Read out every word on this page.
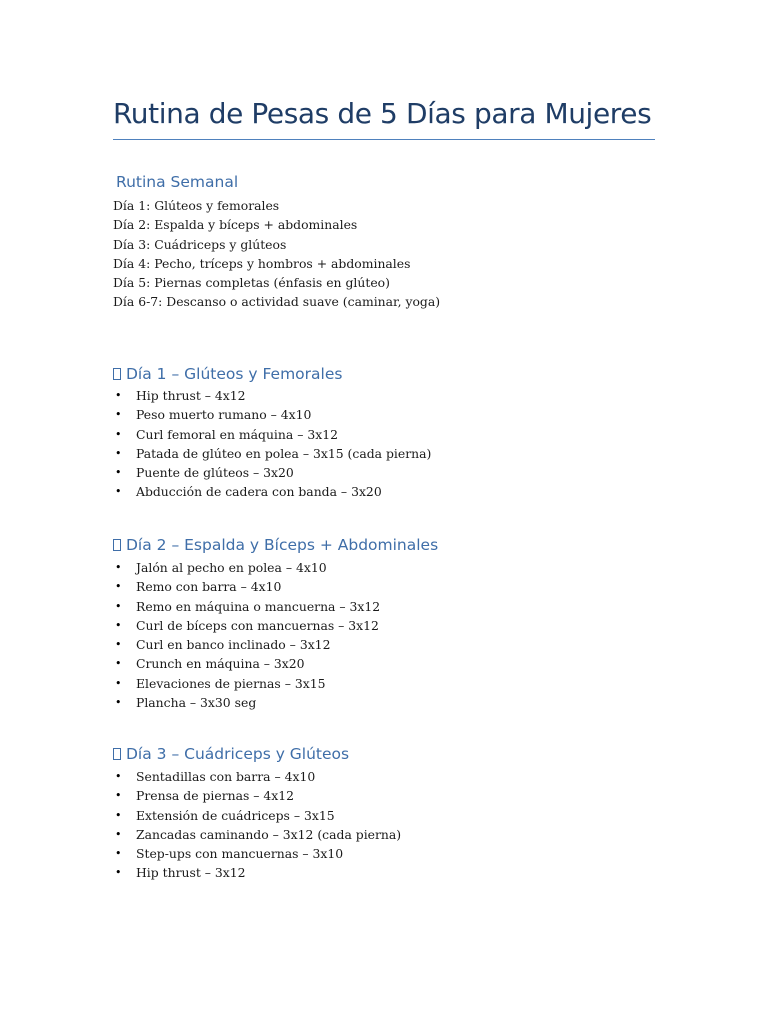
Rutina de Pesas de 5 Días para Mujeres
Rutina Semanal
Día 1: Glúteos y femorales
Día 2: Espalda y bíceps + abdominales
Día 3: Cuádriceps y glúteos
Día 4: Pecho, tríceps y hombros + abdominales
Día 5: Piernas completas (énfasis en glúteo)
Día 6-7: Descanso o actividad suave (caminar, yoga)
Día 1 – Glúteos y Femorales
• Hip thrust – 4x12
• Peso muerto rumano – 4x10
• Curl femoral en máquina – 3x12
• Patada de glúteo en polea – 3x15 (cada pierna)
• Puente de glúteos – 3x20
• Abducción de cadera con banda – 3x20
Día 2 – Espalda y Bíceps + Abdominales
• Jalón al pecho en polea – 4x10
• Remo con barra – 4x10
• Remo en máquina o mancuerna – 3x12
• Curl de bíceps con mancuernas – 3x12
• Curl en banco inclinado – 3x12
• Crunch en máquina – 3x20
• Elevaciones de piernas – 3x15
• Plancha – 3x30 seg
Día 3 – Cuádriceps y Glúteos
• Sentadillas con barra – 4x10
• Prensa de piernas – 4x12
• Extensión de cuádriceps – 3x15
• Zancadas caminando – 3x12 (cada pierna)
• Step-ups con mancuernas – 3x10
• Hip thrust – 3x12
